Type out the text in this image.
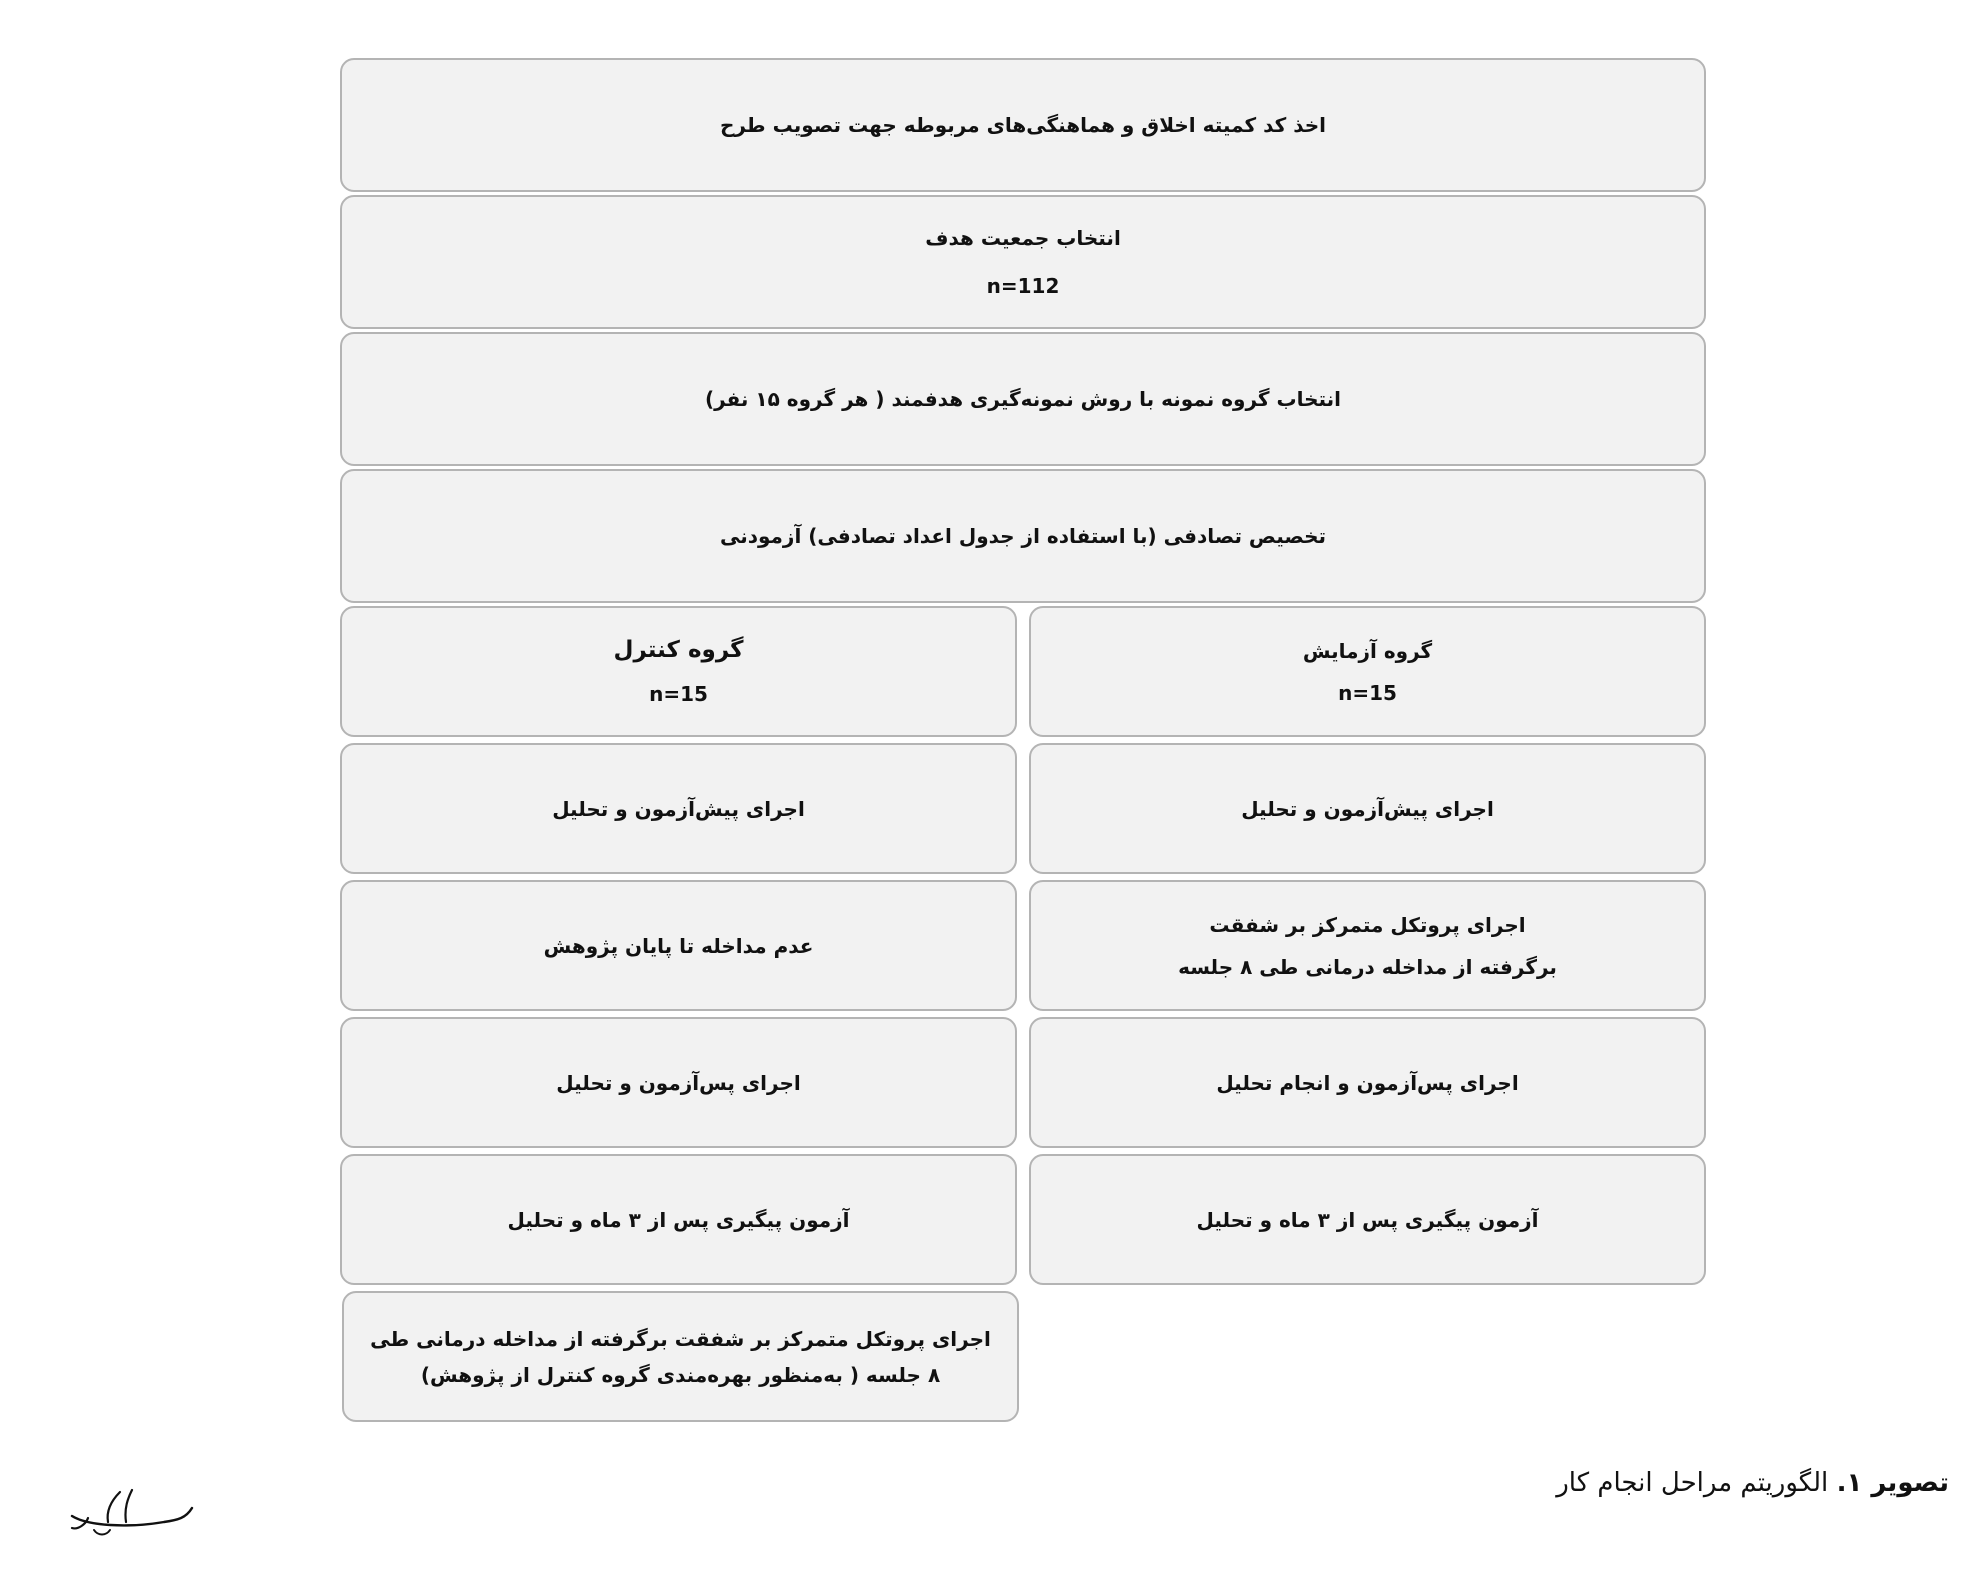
اخذ کد کمیته اخلاق و هماهنگی‌های مربوطه جهت تصویب طرح
انتخاب جمعیت هدف
n=112
انتخاب گروه نمونه با روش نمونه‌گیری هدفمند ( هر گروه ۱۵ نفر)
تخصیص تصادفی (با استفاده از جدول اعداد تصادفی) آزمودنی
گروه کنترل
n=15
اجرای پیش‌آزمون و تحلیل
عدم مداخله تا پایان پژوهش
اجرای پس‌آزمون و تحلیل
آزمون پیگیری پس از ۳ ماه و تحلیل
اجرای پروتکل متمرکز بر شفقت برگرفته از مداخله درمانی طی ۸ جلسه ( به‌منظور بهره‌مندی گروه کنترل از پژوهش)
گروه آزمایش
n=15
اجرای پیش‌آزمون و تحلیل
اجرای پروتکل متمرکز بر شفقت
برگرفته از مداخله درمانی طی ۸ جلسه
اجرای پس‌آزمون و انجام تحلیل
آزمون پیگیری پس از ۳ ماه و تحلیل
تصویر ۱. الگوریتم مراحل انجام کار
